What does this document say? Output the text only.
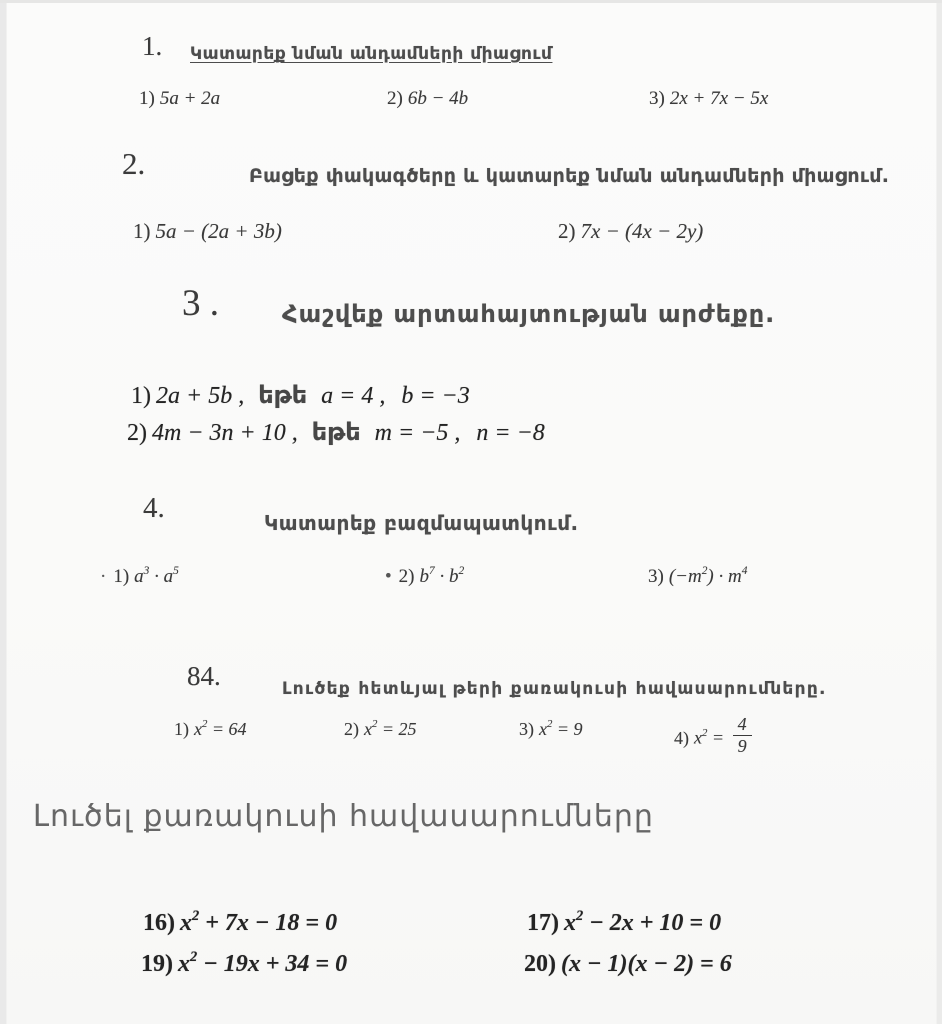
1. Կատարեք նման անդամների միացում
1) 5a + 2a	2) 6b − 4b	3) 2x + 7x − 5x
2.	Բացեք փակագծերը և կատարեք նման անդամների միացում.
1) 5a − (2a + 3b)	2) 7x − (4x − 2y)
3 .	Հաշվեք արտահայտության արժեքը.
1) 2a + 5b , եթե a = 4 , b = −3
2) 4m − 3n + 10 , եթե m = −5 , n = −8
4.	Կատարեք բազմապատկում.
· 1) $a^3 \cdot a^5$	• 2) $b^7 \cdot b^2$	3) $(-m^2) \cdot m^4$
84.	Լուծեք հետևյալ թերի քառակուսի հավասարումները.
1) $x^2 = 64$	2) $x^2 = 25$	3) $x^2 = 9$	4) $x^2 = \frac{4}{9}$
Լուծել քառակուսի հավասարումները
16) $x^2 + 7x - 18 = 0$	17) $x^2 - 2x + 10 = 0$
19) $x^2 - 19x + 34 = 0$	20) (x − 1)(x − 2) = 6
